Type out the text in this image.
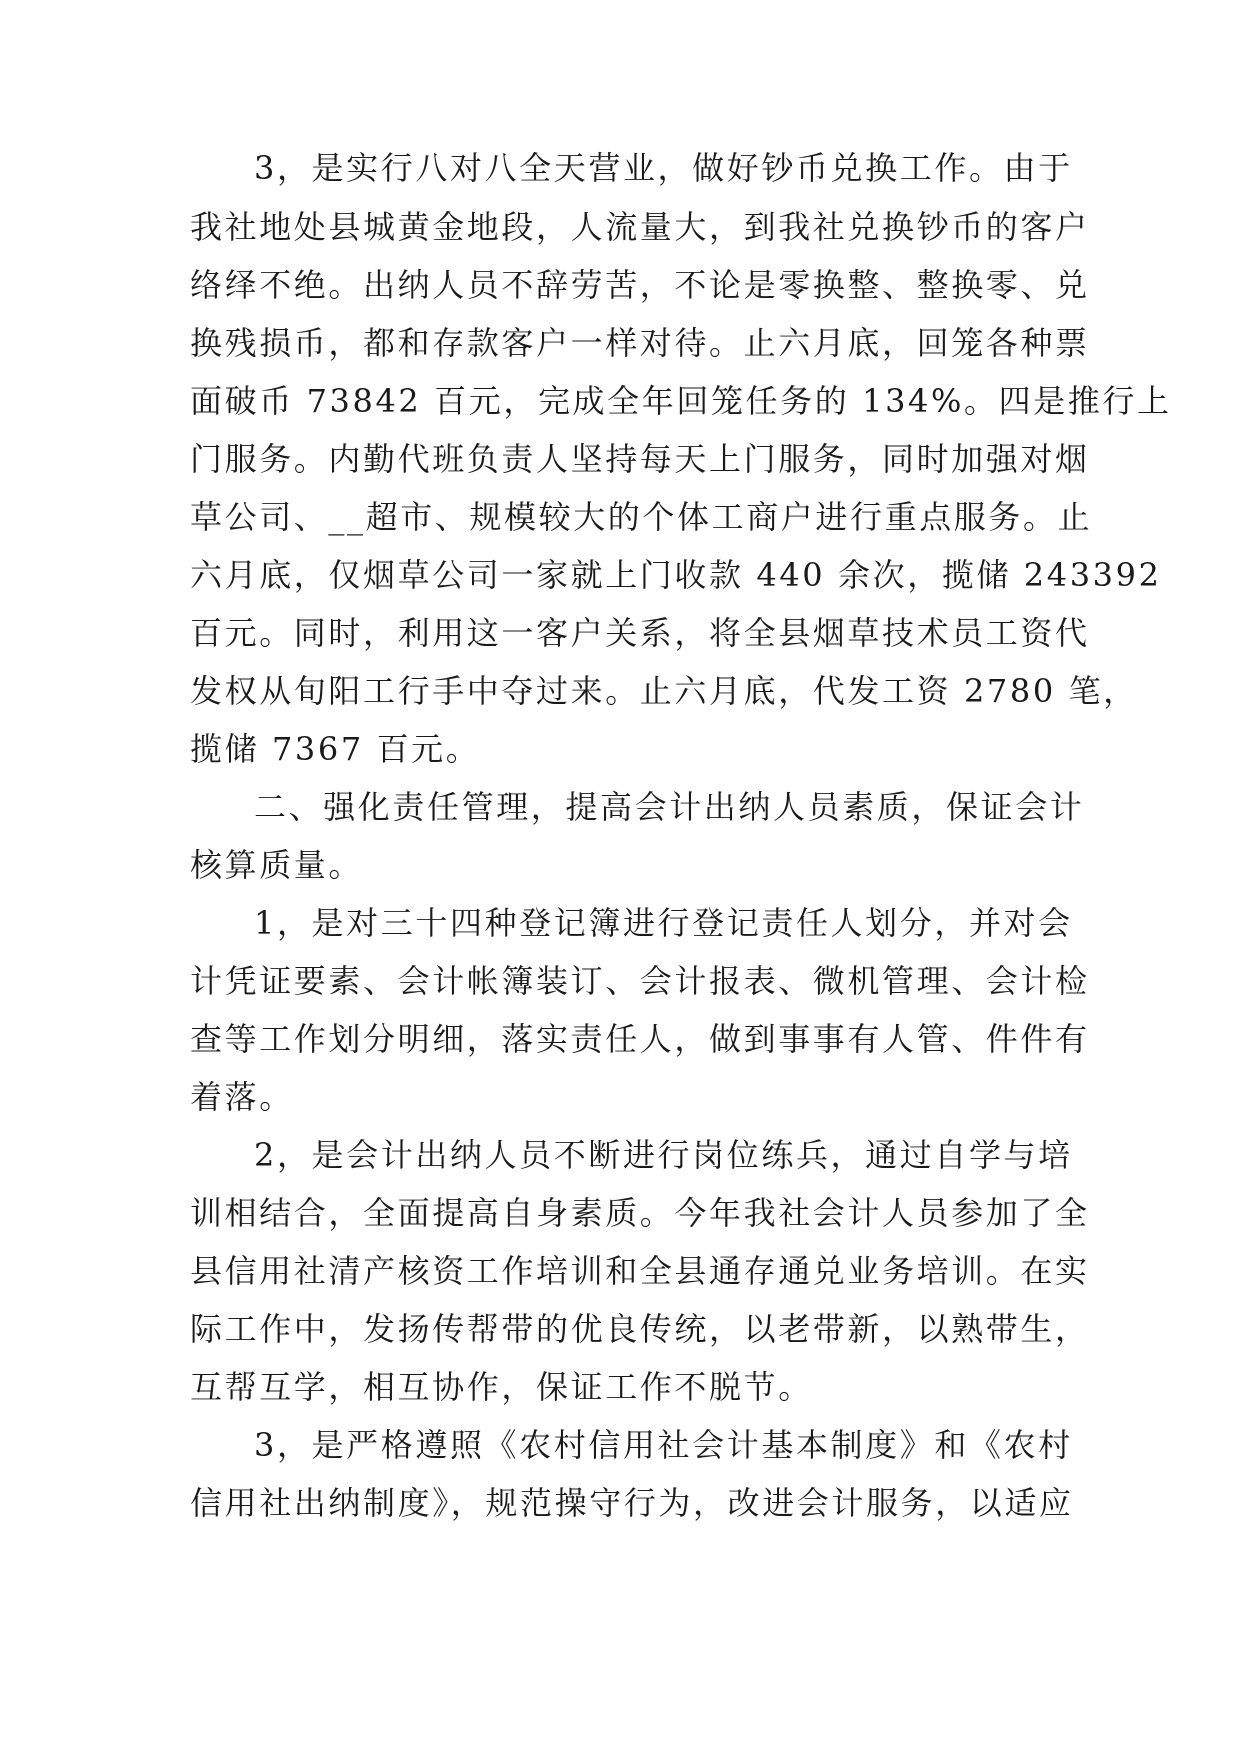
3，是实行八对八全天营业，做好钞币兑换工作。由于
我社地处县城黄金地段，人流量大，到我社兑换钞币的客户
络绎不绝。出纳人员不辞劳苦，不论是零换整、整换零、兑
换残损币，都和存款客户一样对待。止六月底，回笼各种票
面破币 73842 百元，完成全年回笼任务的 134%。四是推行上
门服务。内勤代班负责人坚持每天上门服务，同时加强对烟
草公司、__超市、规模较大的个体工商户进行重点服务。止
六月底，仅烟草公司一家就上门收款 440 余次，揽储 243392
百元。同时，利用这一客户关系，将全县烟草技术员工资代
发权从旬阳工行手中夺过来。止六月底，代发工资 2780 笔，
揽储 7367 百元。
二、强化责任管理，提高会计出纳人员素质，保证会计
核算质量。
1，是对三十四种登记簿进行登记责任人划分，并对会
计凭证要素、会计帐簿装订、会计报表、微机管理、会计检
查等工作划分明细，落实责任人，做到事事有人管、件件有
着落。
2，是会计出纳人员不断进行岗位练兵，通过自学与培
训相结合，全面提高自身素质。今年我社会计人员参加了全
县信用社清产核资工作培训和全县通存通兑业务培训。在实
际工作中，发扬传帮带的优良传统，以老带新，以熟带生，
互帮互学，相互协作，保证工作不脱节。
3，是严格遵照《农村信用社会计基本制度》和《农村
信用社出纳制度》，规范操守行为，改进会计服务，以适应
